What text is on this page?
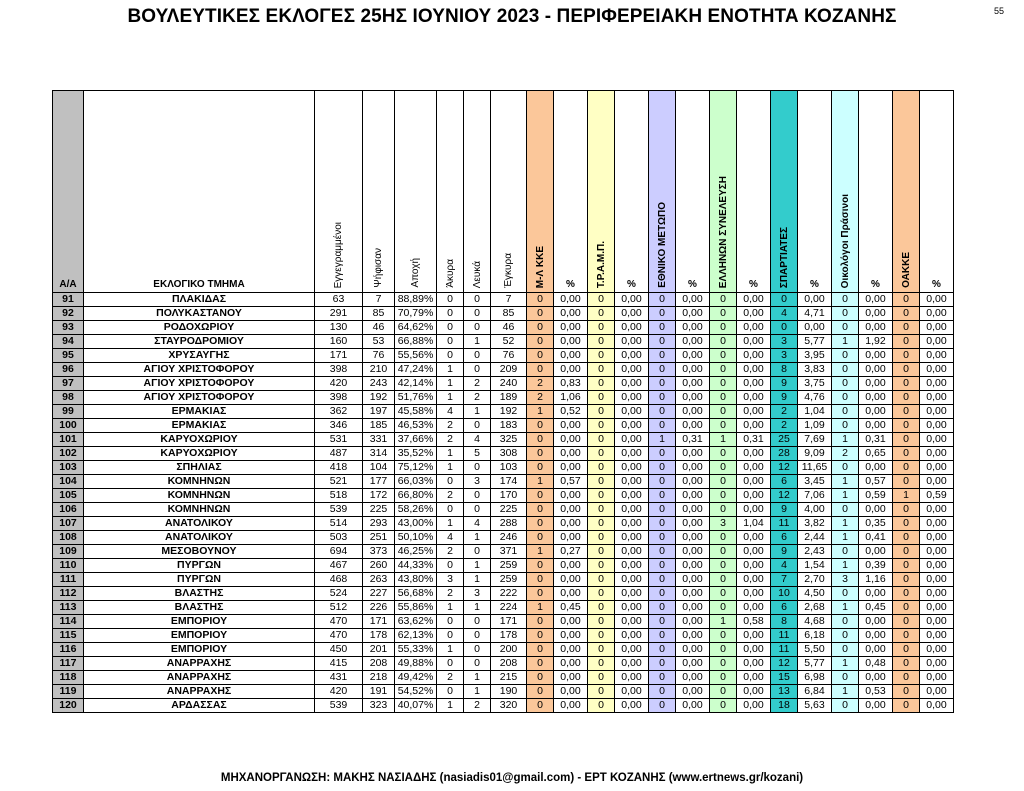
ΒΟΥΛΕΥΤΙΚΕΣ ΕΚΛΟΓΕΣ 25ΗΣ ΙΟΥΝΙΟΥ 2023 - ΠΕΡΙΦΕΡΕΙΑΚΗ ΕΝΟΤΗΤΑ ΚΟΖΑΝΗΣ	55
Α/Α	ΕΚΛΟΓΙΚΟ ΤΜΗΜΑ	Εγγεγραμμένοι	Ψήφισαν	Αποχή	Άκυρα	Λευκά	Έγκυρα	Μ-Λ ΚΚΕ	%	Τ.Ρ.Α.Μ.Π.	%	ΕΘΝΙΚΟ ΜΕΤΩΠΟ	%	ΕΛΛΗΝΩΝ ΣΥΝΕΛΕΥΣΗ	%	ΣΠΑΡΤΙΑΤΕΣ	%	Οικολόγοι Πράσινοι	%	ΟΑΚΚΕ	%
91	ΠΛΑΚΙΔΑΣ	63	7	88,89%	0	0	7	0	0,00	0	0,00	0	0,00	0	0,00	0	0,00	0	0,00	0	0,00
92	ΠΟΛΥΚΑΣΤΑΝΟΥ	291	85	70,79%	0	0	85	0	0,00	0	0,00	0	0,00	0	0,00	4	4,71	0	0,00	0	0,00
93	ΡΟΔΟΧΩΡΙΟΥ	130	46	64,62%	0	0	46	0	0,00	0	0,00	0	0,00	0	0,00	0	0,00	0	0,00	0	0,00
94	ΣΤΑΥΡΟΔΡΟΜΙΟΥ	160	53	66,88%	0	1	52	0	0,00	0	0,00	0	0,00	0	0,00	3	5,77	1	1,92	0	0,00
95	ΧΡΥΣΑΥΓΗΣ	171	76	55,56%	0	0	76	0	0,00	0	0,00	0	0,00	0	0,00	3	3,95	0	0,00	0	0,00
96	ΑΓΙΟΥ ΧΡΙΣΤΟΦΟΡΟΥ	398	210	47,24%	1	0	209	0	0,00	0	0,00	0	0,00	0	0,00	8	3,83	0	0,00	0	0,00
97	ΑΓΙΟΥ ΧΡΙΣΤΟΦΟΡΟΥ	420	243	42,14%	1	2	240	2	0,83	0	0,00	0	0,00	0	0,00	9	3,75	0	0,00	0	0,00
98	ΑΓΙΟΥ ΧΡΙΣΤΟΦΟΡΟΥ	398	192	51,76%	1	2	189	2	1,06	0	0,00	0	0,00	0	0,00	9	4,76	0	0,00	0	0,00
99	ΕΡΜΑΚΙΑΣ	362	197	45,58%	4	1	192	1	0,52	0	0,00	0	0,00	0	0,00	2	1,04	0	0,00	0	0,00
100	ΕΡΜΑΚΙΑΣ	346	185	46,53%	2	0	183	0	0,00	0	0,00	0	0,00	0	0,00	2	1,09	0	0,00	0	0,00
101	ΚΑΡΥΟΧΩΡΙΟΥ	531	331	37,66%	2	4	325	0	0,00	0	0,00	1	0,31	1	0,31	25	7,69	1	0,31	0	0,00
102	ΚΑΡΥΟΧΩΡΙΟΥ	487	314	35,52%	1	5	308	0	0,00	0	0,00	0	0,00	0	0,00	28	9,09	2	0,65	0	0,00
103	ΣΠΗΛΙΑΣ	418	104	75,12%	1	0	103	0	0,00	0	0,00	0	0,00	0	0,00	12	11,65	0	0,00	0	0,00
104	ΚΟΜΝΗΝΩΝ	521	177	66,03%	0	3	174	1	0,57	0	0,00	0	0,00	0	0,00	6	3,45	1	0,57	0	0,00
105	ΚΟΜΝΗΝΩΝ	518	172	66,80%	2	0	170	0	0,00	0	0,00	0	0,00	0	0,00	12	7,06	1	0,59	1	0,59
106	ΚΟΜΝΗΝΩΝ	539	225	58,26%	0	0	225	0	0,00	0	0,00	0	0,00	0	0,00	9	4,00	0	0,00	0	0,00
107	ΑΝΑΤΟΛΙΚΟΥ	514	293	43,00%	1	4	288	0	0,00	0	0,00	0	0,00	3	1,04	11	3,82	1	0,35	0	0,00
108	ΑΝΑΤΟΛΙΚΟΥ	503	251	50,10%	4	1	246	0	0,00	0	0,00	0	0,00	0	0,00	6	2,44	1	0,41	0	0,00
109	ΜΕΣΟΒΟΥΝΟΥ	694	373	46,25%	2	0	371	1	0,27	0	0,00	0	0,00	0	0,00	9	2,43	0	0,00	0	0,00
110	ΠΥΡΓΩΝ	467	260	44,33%	0	1	259	0	0,00	0	0,00	0	0,00	0	0,00	4	1,54	1	0,39	0	0,00
111	ΠΥΡΓΩΝ	468	263	43,80%	3	1	259	0	0,00	0	0,00	0	0,00	0	0,00	7	2,70	3	1,16	0	0,00
112	ΒΛΑΣΤΗΣ	524	227	56,68%	2	3	222	0	0,00	0	0,00	0	0,00	0	0,00	10	4,50	0	0,00	0	0,00
113	ΒΛΑΣΤΗΣ	512	226	55,86%	1	1	224	1	0,45	0	0,00	0	0,00	0	0,00	6	2,68	1	0,45	0	0,00
114	ΕΜΠΟΡΙΟΥ	470	171	63,62%	0	0	171	0	0,00	0	0,00	0	0,00	1	0,58	8	4,68	0	0,00	0	0,00
115	ΕΜΠΟΡΙΟΥ	470	178	62,13%	0	0	178	0	0,00	0	0,00	0	0,00	0	0,00	11	6,18	0	0,00	0	0,00
116	ΕΜΠΟΡΙΟΥ	450	201	55,33%	1	0	200	0	0,00	0	0,00	0	0,00	0	0,00	11	5,50	0	0,00	0	0,00
117	ΑΝΑΡΡΑΧΗΣ	415	208	49,88%	0	0	208	0	0,00	0	0,00	0	0,00	0	0,00	12	5,77	1	0,48	0	0,00
118	ΑΝΑΡΡΑΧΗΣ	431	218	49,42%	2	1	215	0	0,00	0	0,00	0	0,00	0	0,00	15	6,98	0	0,00	0	0,00
119	ΑΝΑΡΡΑΧΗΣ	420	191	54,52%	0	1	190	0	0,00	0	0,00	0	0,00	0	0,00	13	6,84	1	0,53	0	0,00
120	ΑΡΔΑΣΣΑΣ	539	323	40,07%	1	2	320	0	0,00	0	0,00	0	0,00	0	0,00	18	5,63	0	0,00	0	0,00
ΜΗΧΑΝΟΡΓΑΝΩΣΗ: ΜΑΚΗΣ ΝΑΣΙΑΔΗΣ (nasiadis01@gmail.com) - ΕΡΤ ΚΟΖΑΝΗΣ (www.ertnews.gr/kozani)
